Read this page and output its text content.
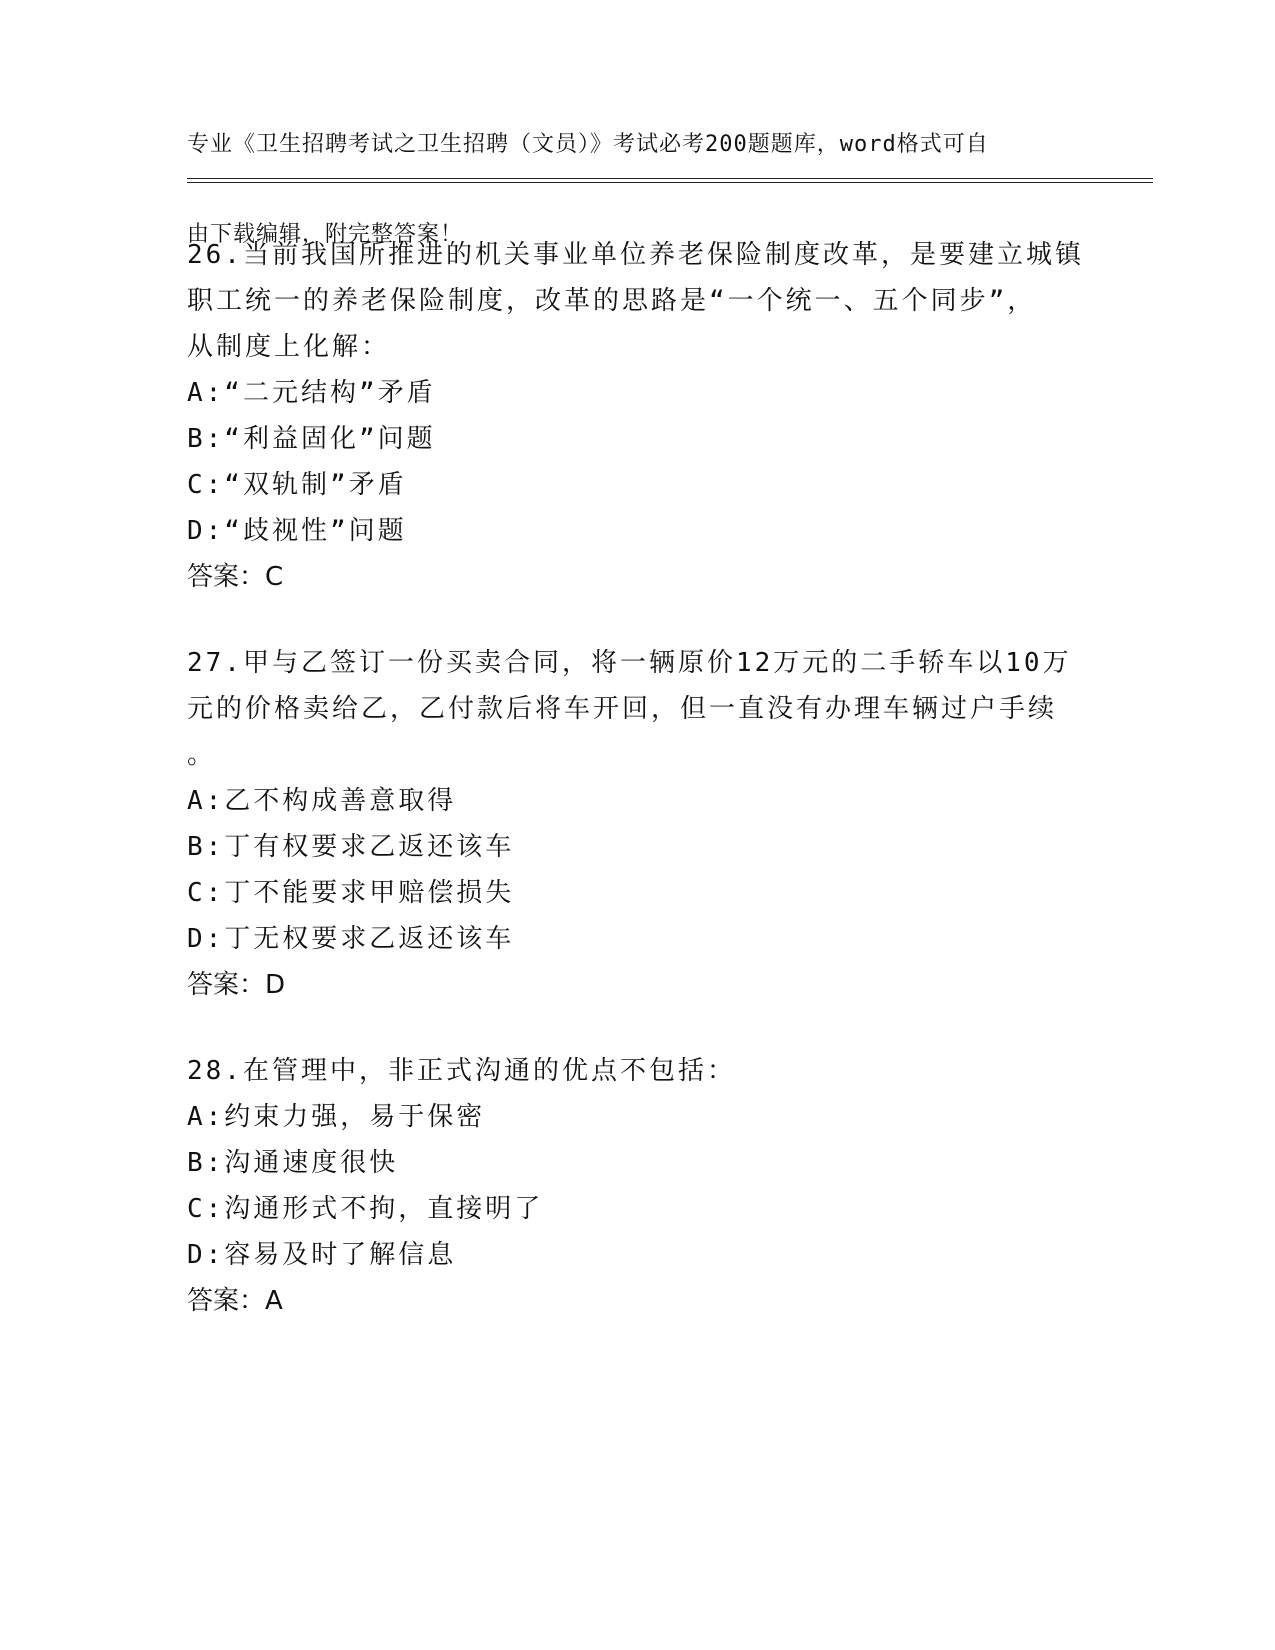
专业《卫生招聘考试之卫生招聘（文员）》考试必考200题题库，word格式可自

由下载编辑，附完整答案！

26.当前我国所推进的机关事业单位养老保险制度改革，是要建立城镇
职工统一的养老保险制度，改革的思路是“一个统一、五个同步”，
从制度上化解：
A:“二元结构”矛盾
B:“利益固化”问题
C:“双轨制”矛盾
D:“歧视性”问题
答案：C
27.甲与乙签订一份买卖合同，将一辆原价12万元的二手轿车以10万
元的价格卖给乙，乙付款后将车开回，但一直没有办理车辆过户手续
。
A:乙不构成善意取得
B:丁有权要求乙返还该车
C:丁不能要求甲赔偿损失
D:丁无权要求乙返还该车
答案：D
28.在管理中，非正式沟通的优点不包括：
A:约束力强，易于保密
B:沟通速度很快
C:沟通形式不拘，直接明了
D:容易及时了解信息
答案：A
